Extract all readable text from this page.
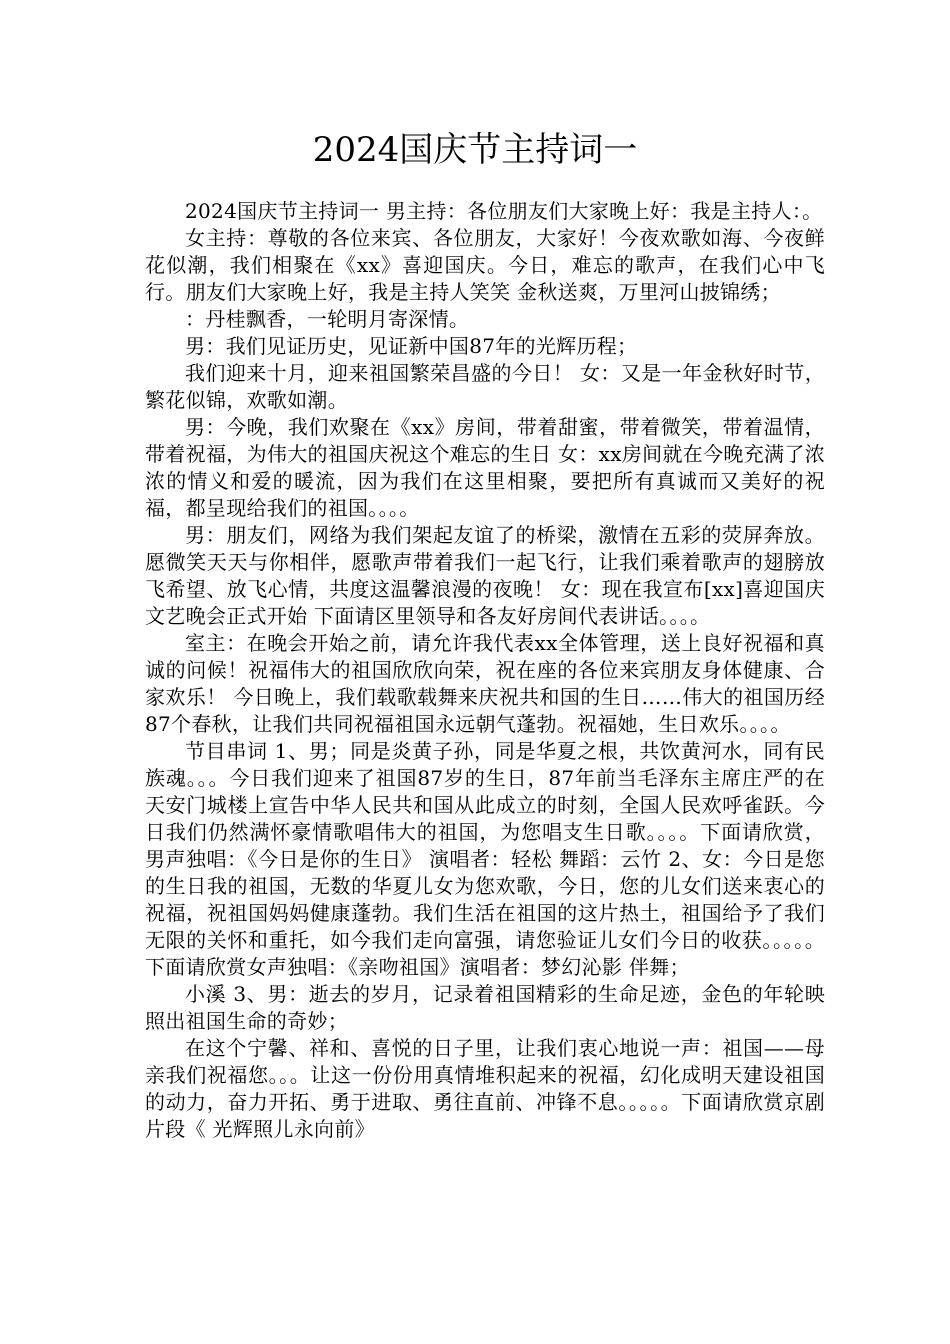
2024国庆节主持词一

2024国庆节主持词一 男主持：各位朋友们大家晚上好：我是主持人：。

女主持：尊敬的各位来宾、各位朋友，大家好！今夜欢歌如海、今夜鲜花似潮，我们相聚在《xx》喜迎国庆。今日，难忘的歌声，在我们心中飞行。朋友们大家晚上好，我是主持人笑笑 金秋送爽，万里河山披锦绣；

：丹桂飘香，一轮明月寄深情。

男：我们见证历史，见证新中国87年的光辉历程；

我们迎来十月，迎来祖国繁荣昌盛的今日！ 女：又是一年金秋好时节，繁花似锦，欢歌如潮。

男：今晚，我们欢聚在《xx》房间，带着甜蜜，带着微笑，带着温情，带着祝福，为伟大的祖国庆祝这个难忘的生日 女：xx房间就在今晚充满了浓浓的情义和爱的暖流，因为我们在这里相聚，要把所有真诚而又美好的祝福，都呈现给我们的祖国。。。。

男：朋友们，网络为我们架起友谊了的桥梁，激情在五彩的荧屏奔放。愿微笑天天与你相伴，愿歌声带着我们一起飞行，让我们乘着歌声的翅膀放飞希望、放飞心情，共度这温馨浪漫的夜晚！ 女：现在我宣布[xx]喜迎国庆文艺晚会正式开始 下面请区里领导和各友好房间代表讲话。。。。

室主：在晚会开始之前，请允许我代表xx全体管理，送上良好祝福和真诚的问候！祝福伟大的祖国欣欣向荣，祝在座的各位来宾朋友身体健康、合家欢乐！ 今日晚上，我们载歌载舞来庆祝共和国的生日……伟大的祖国历经87个春秋，让我们共同祝福祖国永远朝气蓬勃。祝福她，生日欢乐。。。。

节目串词 1、男；同是炎黄子孙，同是华夏之根，共饮黄河水，同有民族魂。。。今日我们迎来了祖国87岁的生日，87年前当毛泽东主席庄严的在天安门城楼上宣告中华人民共和国从此成立的时刻，全国人民欢呼雀跃。今日我们仍然满怀豪情歌唱伟大的祖国，为您唱支生日歌。。。。下面请欣赏，男声独唱：《今日是你的生日》 演唱者：轻松 舞蹈：云竹 2、女：今日是您的生日我的祖国，无数的华夏儿女为您欢歌，今日，您的儿女们送来衷心的祝福，祝祖国妈妈健康蓬勃。我们生活在祖国的这片热土，祖国给予了我们无限的关怀和重托，如今我们走向富强，请您验证儿女们今日的收获。。。。。下面请欣赏女声独唱：《亲吻祖国》演唱者：梦幻沁影 伴舞；

小溪 3、男：逝去的岁月，记录着祖国精彩的生命足迹，金色的年轮映照出祖国生命的奇妙；

在这个宁馨、祥和、喜悦的日子里，让我们衷心地说一声：祖国——母亲我们祝福您。。。让这一份份用真情堆积起来的祝福，幻化成明天建设祖国的动力，奋力开拓、勇于进取、勇往直前、冲锋不息。。。。。下面请欣赏京剧片段《 光辉照儿永向前》
